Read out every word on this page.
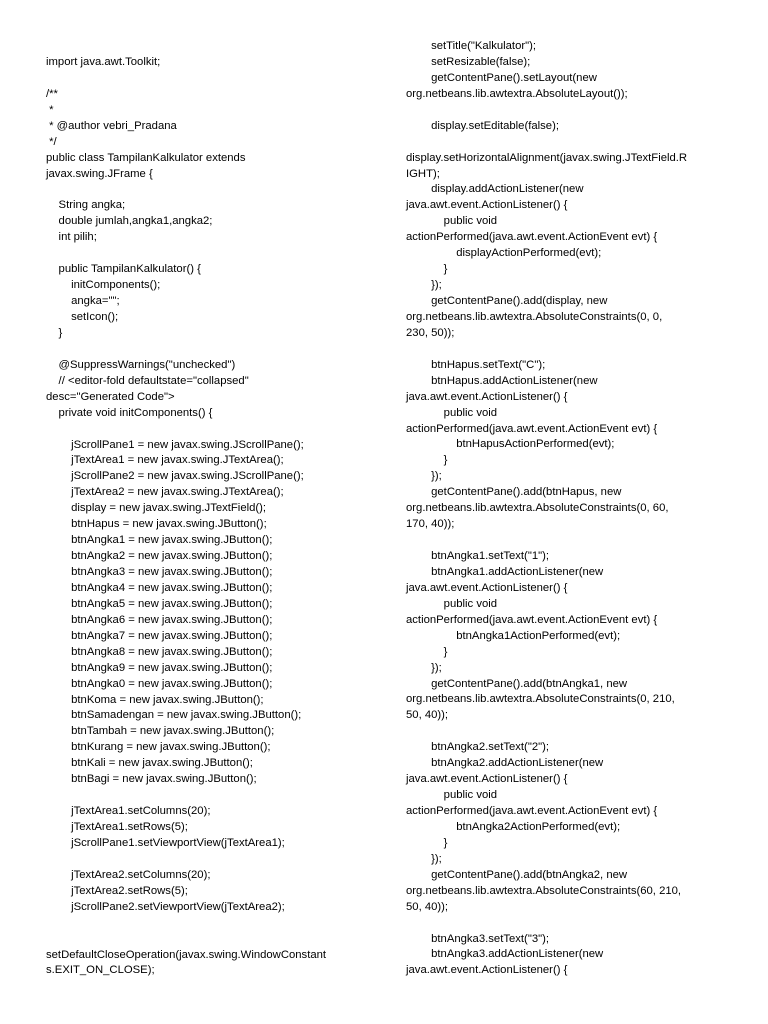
import java.awt.Toolkit;
/**
*
* @author vebri_Pradana
*/
public class TampilanKalkulator extends
javax.swing.JFrame {
String angka;
double jumlah,angka1,angka2;
int pilih;
public TampilanKalkulator() {
initComponents();
angka="";
setIcon();
}
@SuppressWarnings("unchecked")
// <editor-fold defaultstate="collapsed"
desc="Generated Code">
private void initComponents() {
jScrollPane1 = new javax.swing.JScrollPane();
jTextArea1 = new javax.swing.JTextArea();
jScrollPane2 = new javax.swing.JScrollPane();
jTextArea2 = new javax.swing.JTextArea();
display = new javax.swing.JTextField();
btnHapus = new javax.swing.JButton();
btnAngka1 = new javax.swing.JButton();
btnAngka2 = new javax.swing.JButton();
btnAngka3 = new javax.swing.JButton();
btnAngka4 = new javax.swing.JButton();
btnAngka5 = new javax.swing.JButton();
btnAngka6 = new javax.swing.JButton();
btnAngka7 = new javax.swing.JButton();
btnAngka8 = new javax.swing.JButton();
btnAngka9 = new javax.swing.JButton();
btnAngka0 = new javax.swing.JButton();
btnKoma = new javax.swing.JButton();
btnSamadengan = new javax.swing.JButton();
btnTambah = new javax.swing.JButton();
btnKurang = new javax.swing.JButton();
btnKali = new javax.swing.JButton();
btnBagi = new javax.swing.JButton();
jTextArea1.setColumns(20);
jTextArea1.setRows(5);
jScrollPane1.setViewportView(jTextArea1);
jTextArea2.setColumns(20);
jTextArea2.setRows(5);
jScrollPane2.setViewportView(jTextArea2);
setDefaultCloseOperation(javax.swing.WindowConstant
s.EXIT_ON_CLOSE);
setTitle("Kalkulator");
setResizable(false);
getContentPane().setLayout(new
org.netbeans.lib.awtextra.AbsoluteLayout());
display.setEditable(false);
display.setHorizontalAlignment(javax.swing.JTextField.R
IGHT);
display.addActionListener(new
java.awt.event.ActionListener() {
public void
actionPerformed(java.awt.event.ActionEvent evt) {
displayActionPerformed(evt);
}
});
getContentPane().add(display, new
org.netbeans.lib.awtextra.AbsoluteConstraints(0, 0,
230, 50));
btnHapus.setText("C");
btnHapus.addActionListener(new
java.awt.event.ActionListener() {
public void
actionPerformed(java.awt.event.ActionEvent evt) {
btnHapusActionPerformed(evt);
}
});
getContentPane().add(btnHapus, new
org.netbeans.lib.awtextra.AbsoluteConstraints(0, 60,
170, 40));
btnAngka1.setText("1");
btnAngka1.addActionListener(new
java.awt.event.ActionListener() {
public void
actionPerformed(java.awt.event.ActionEvent evt) {
btnAngka1ActionPerformed(evt);
}
});
getContentPane().add(btnAngka1, new
org.netbeans.lib.awtextra.AbsoluteConstraints(0, 210,
50, 40));
btnAngka2.setText("2");
btnAngka2.addActionListener(new
java.awt.event.ActionListener() {
public void
actionPerformed(java.awt.event.ActionEvent evt) {
btnAngka2ActionPerformed(evt);
}
});
getContentPane().add(btnAngka2, new
org.netbeans.lib.awtextra.AbsoluteConstraints(60, 210,
50, 40));
btnAngka3.setText("3");
btnAngka3.addActionListener(new
java.awt.event.ActionListener() {
